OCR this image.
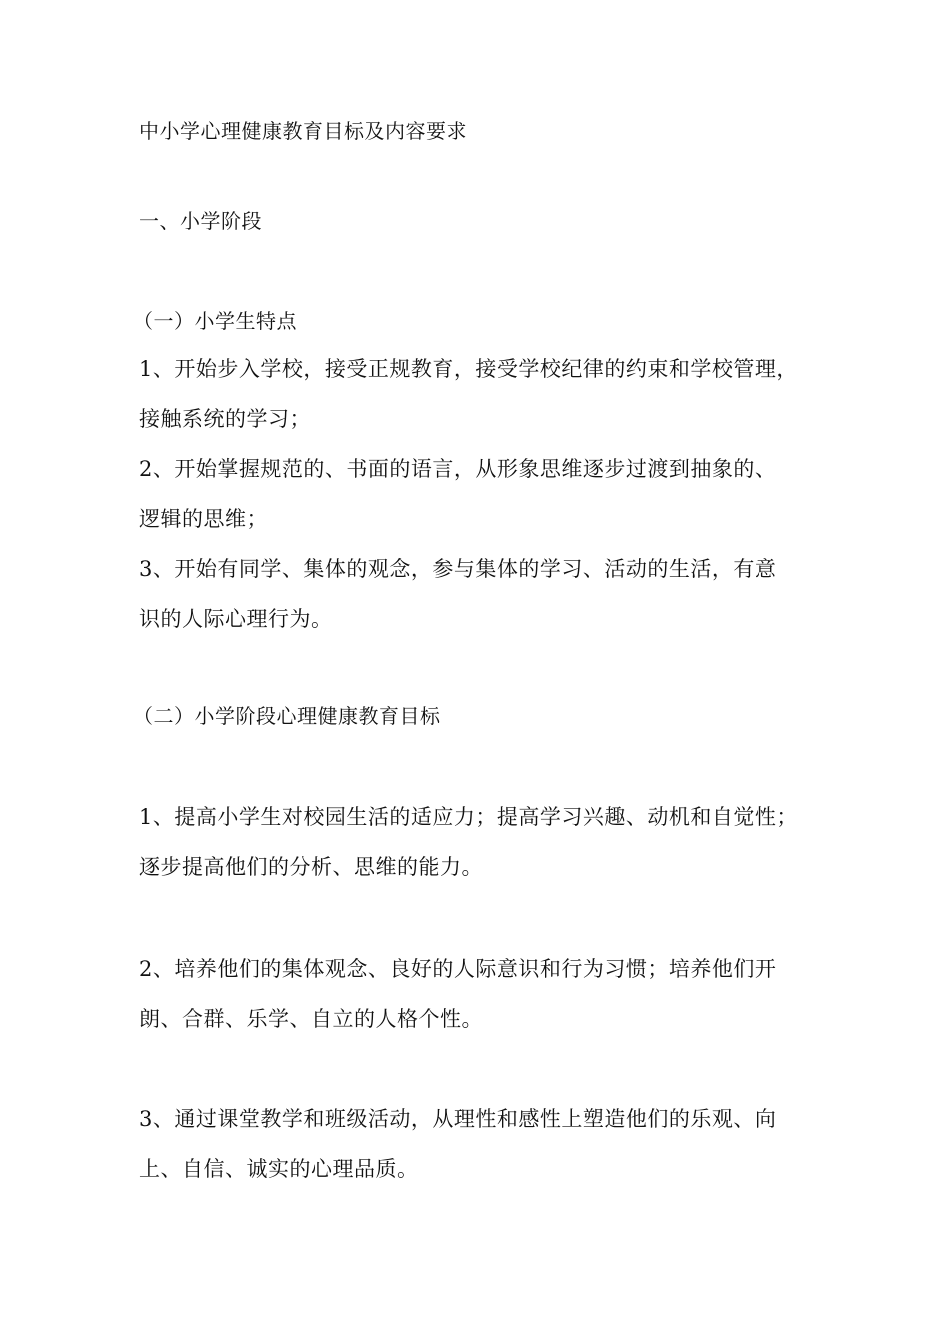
中小学心理健康教育目标及内容要求
一、小学阶段
（一）小学生特点
1、开始步入学校，接受正规教育，接受学校纪律的约束和学校管理，
接触系统的学习；
2、开始掌握规范的、书面的语言，从形象思维逐步过渡到抽象的、
逻辑的思维；
3、开始有同学、集体的观念，参与集体的学习、活动的生活，有意
识的人际心理行为。
（二）小学阶段心理健康教育目标
1、提高小学生对校园生活的适应力；提高学习兴趣、动机和自觉性；
逐步提高他们的分析、思维的能力。
2、培养他们的集体观念、良好的人际意识和行为习惯；培养他们开
朗、合群、乐学、自立的人格个性。
3、通过课堂教学和班级活动，从理性和感性上塑造他们的乐观、向
上、自信、诚实的心理品质。
